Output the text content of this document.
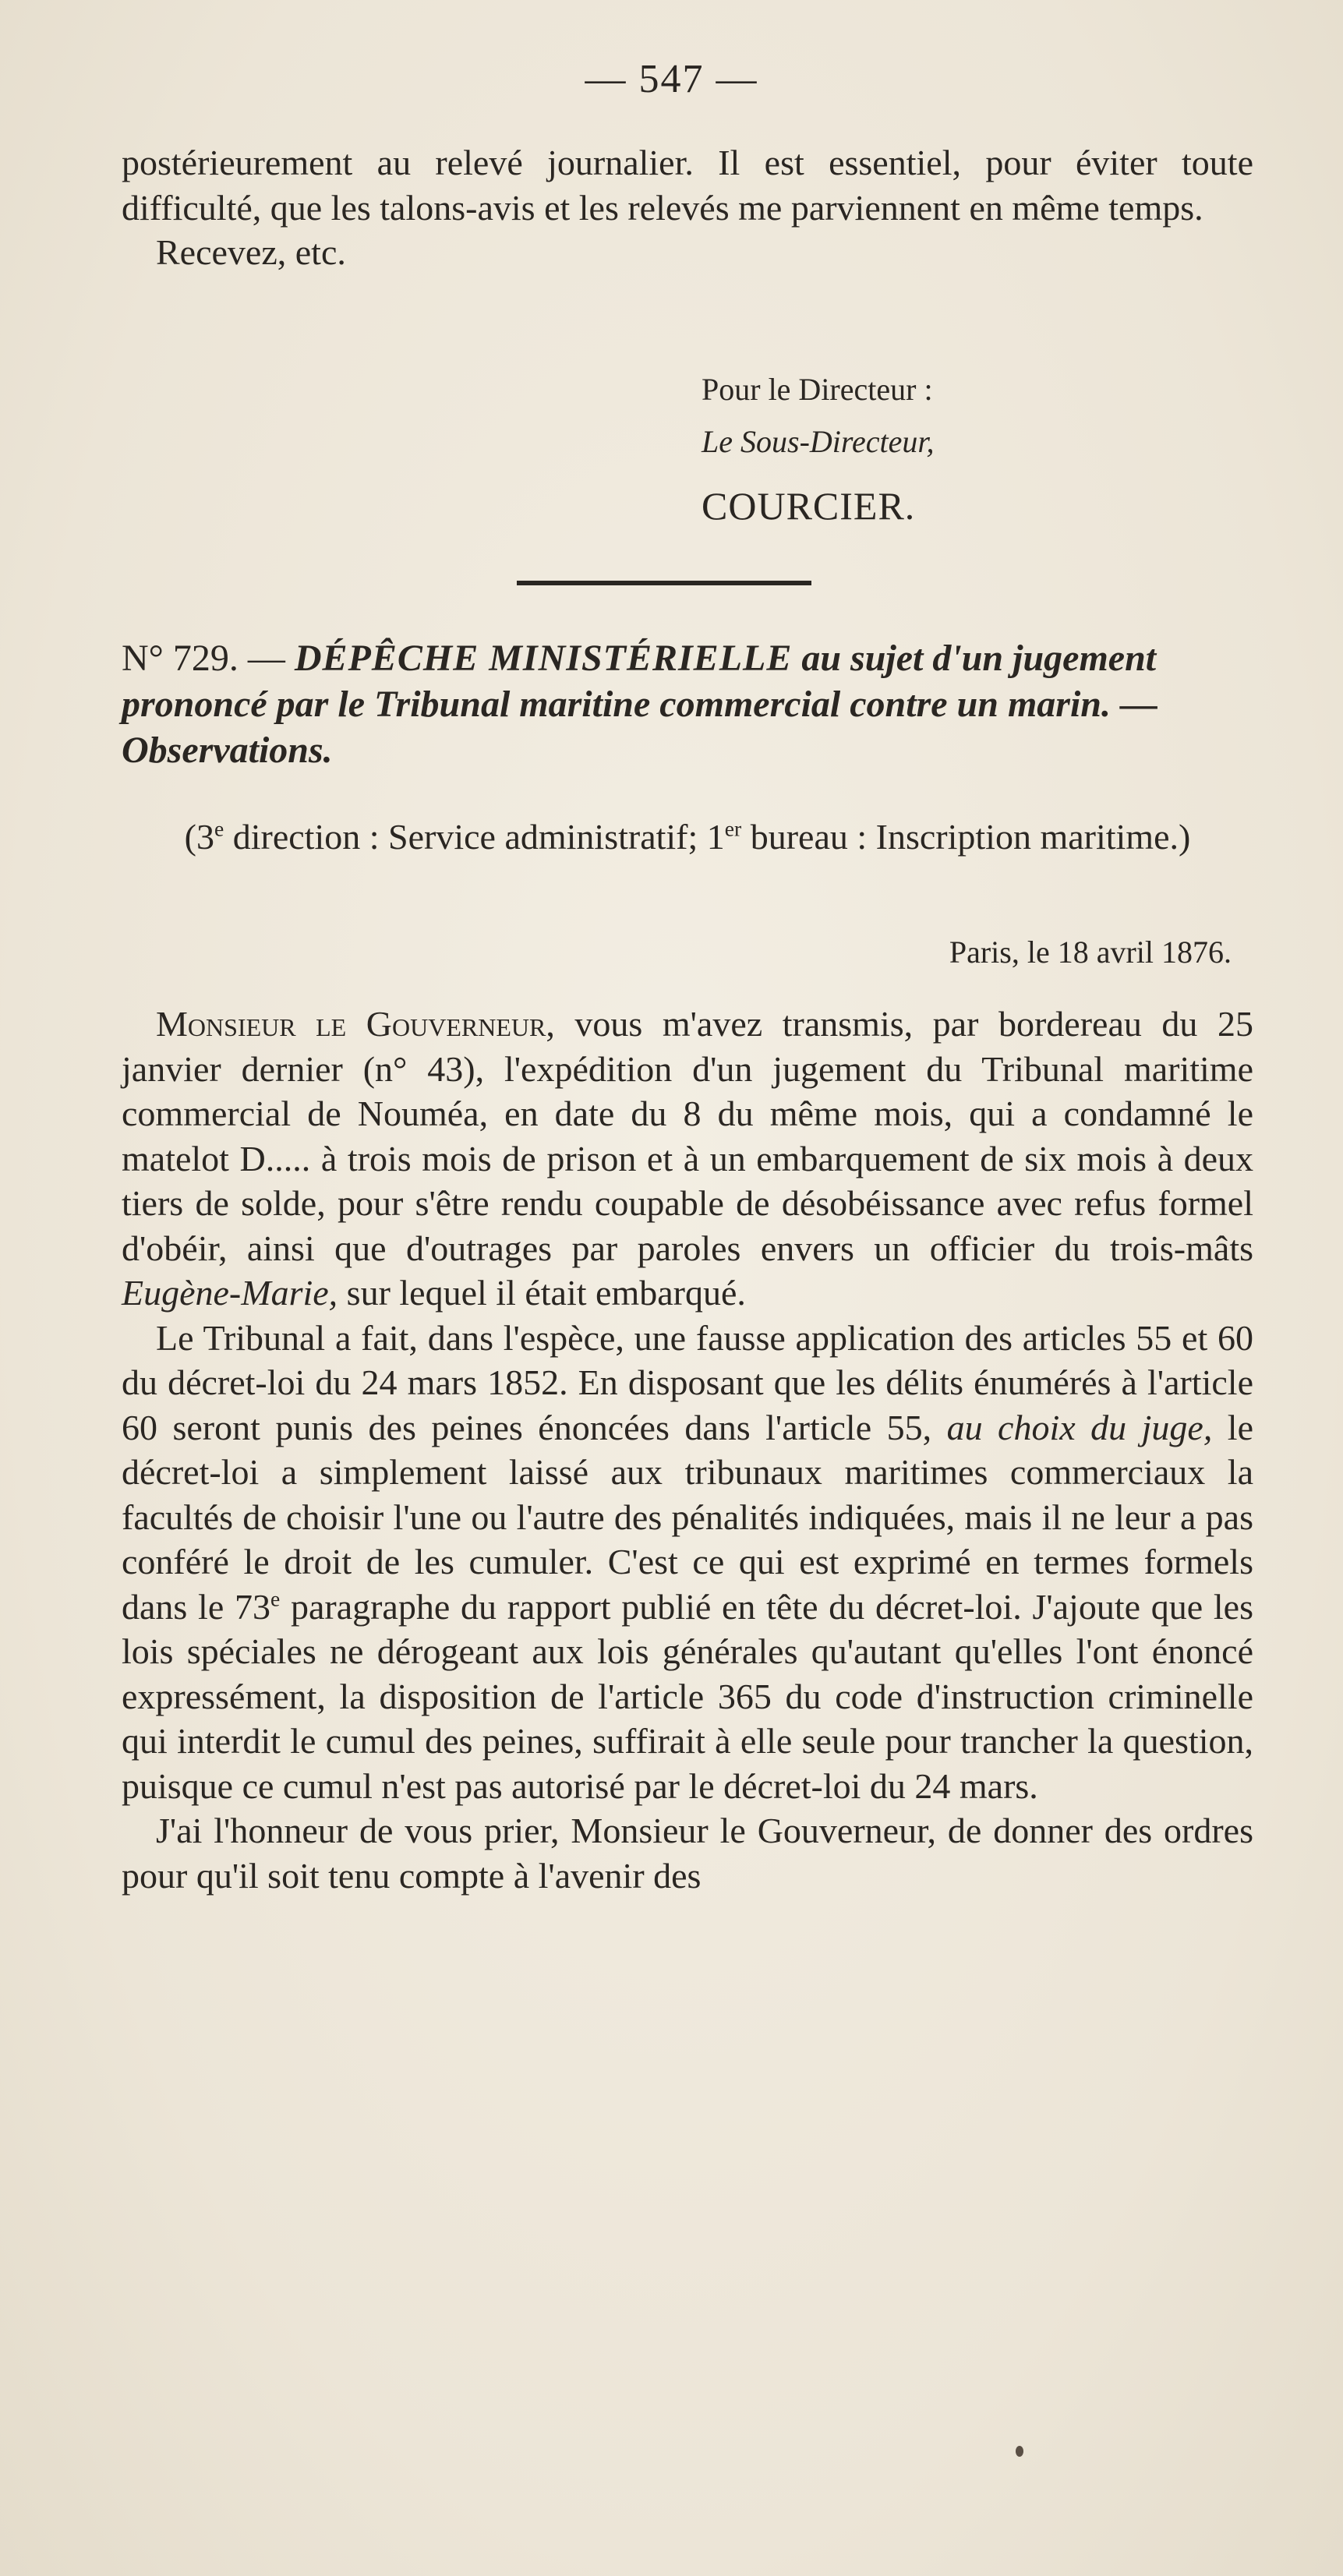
— 547 —

postérieurement au relevé journalier. Il est essentiel, pour éviter toute difficulté, que les talons-avis et les relevés me parviennent en même temps.

Recevez, etc.

Pour le Directeur :
Le Sous-Directeur,
COURCIER.
N° 729. — DÉPÊCHE MINISTÉRIELLE au sujet d'un jugement prononcé par le Tribunal maritine commercial contre un marin. — Observations.
(3e direction : Service administratif; 1er bureau : Inscription maritime.)
Paris, le 18 avril 1876.

Monsieur le Gouverneur, vous m'avez transmis, par bordereau du 25 janvier dernier (n° 43), l'expédition d'un jugement du Tribunal maritime commercial de Nouméa, en date du 8 du même mois, qui a condamné le matelot D..... à trois mois de prison et à un embarquement de six mois à deux tiers de solde, pour s'être rendu coupable de désobéissance avec refus formel d'obéir, ainsi que d'outrages par paroles envers un officier du trois-mâts Eugène-Marie, sur lequel il était embarqué.

Le Tribunal a fait, dans l'espèce, une fausse application des articles 55 et 60 du décret-loi du 24 mars 1852. En disposant que les délits énumérés à l'article 60 seront punis des peines énoncées dans l'article 55, au choix du juge, le décret-loi a simplement laissé aux tribunaux maritimes commerciaux la facultés de choisir l'une ou l'autre des pénalités indiquées, mais il ne leur a pas conféré le droit de les cumuler. C'est ce qui est exprimé en termes formels dans le 73e paragraphe du rapport publié en tête du décret-loi. J'ajoute que les lois spéciales ne dérogeant aux lois générales qu'autant qu'elles l'ont énoncé expressément, la disposition de l'article 365 du code d'instruction criminelle qui interdit le cumul des peines, suffirait à elle seule pour trancher la question, puisque ce cumul n'est pas autorisé par le décret-loi du 24 mars.

J'ai l'honneur de vous prier, Monsieur le Gouverneur, de donner des ordres pour qu'il soit tenu compte à l'avenir des
